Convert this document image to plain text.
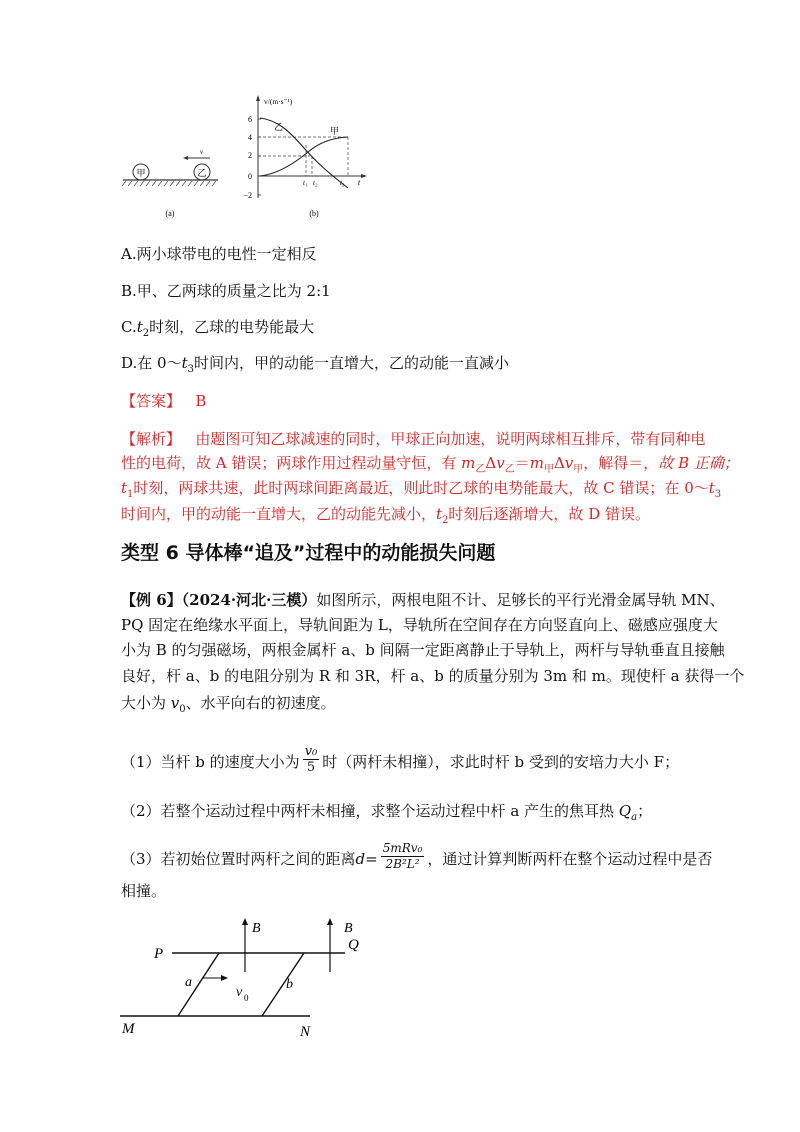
甲	乙
v
(a)
v/(m·s⁻¹)
t
6
4
2
0
−2
乙	甲
t₁ t₂	t₃
(b)
A.两小球带电的电性一定相反
B.甲、乙两球的质量之比为 2:1
$C.t_2$时刻，乙球的电势能最大
D.在 $0\sim t_3$时间内，甲的动能一直增大，乙的动能一直减小
【答案】 B
【解析】 由题图可知乙球减速的同时，甲球正向加速，说明两球相互排斥，带有同种电
性的电荷，故 A 错误；两球作用过程动量守恒，有 $m_乙\Delta v_乙=m_甲\Delta v_甲$，解得＝，故 B 正确；
$t_1$时刻，两球共速，此时两球间距离最近，则此时乙球的电势能最大，故 C 错误；在 $0\sim t_3$
时间内，甲的动能一直增大，乙的动能先减小，$t_2$时刻后逐渐增大，故 D 错误。
类型 6 导体棒“追及”过程中的动能损失问题
【例 6】（2024·河北·三模）如图所示，两根电阻不计、足够长的平行光滑金属导轨 MN、
PQ 固定在绝缘水平面上，导轨间距为 L，导轨所在空间存在方向竖直向上、磁感应强度大
小为 B 的匀强磁场，两根金属杆 a、b 间隔一定距离静止于导轨上，两杆与导轨垂直且接触
良好，杆 a、b 的电阻分别为 R 和 3R，杆 a、b 的质量分别为 3m 和 m。现使杆 a 获得一个
大小为 $v_0$、水平向右的初速度。
（1）当杆 b 的速度大小为 $\frac{\text{v₀}}{5}$ 时（两杆未相撞），求此时杆 b 受到的安培力大小 F；
（2）若整个运动过程中两杆未相撞，求整个运动过程中杆 a 产生的焦耳热 $Q_a$；
（3）若初始位置时两杆之间的距离 d =
5mRv₀
2B²L² ，通过计算判断两杆在整个运动过程中是否
相撞。
P
Q
M	N
B	B
a	b
v 0
